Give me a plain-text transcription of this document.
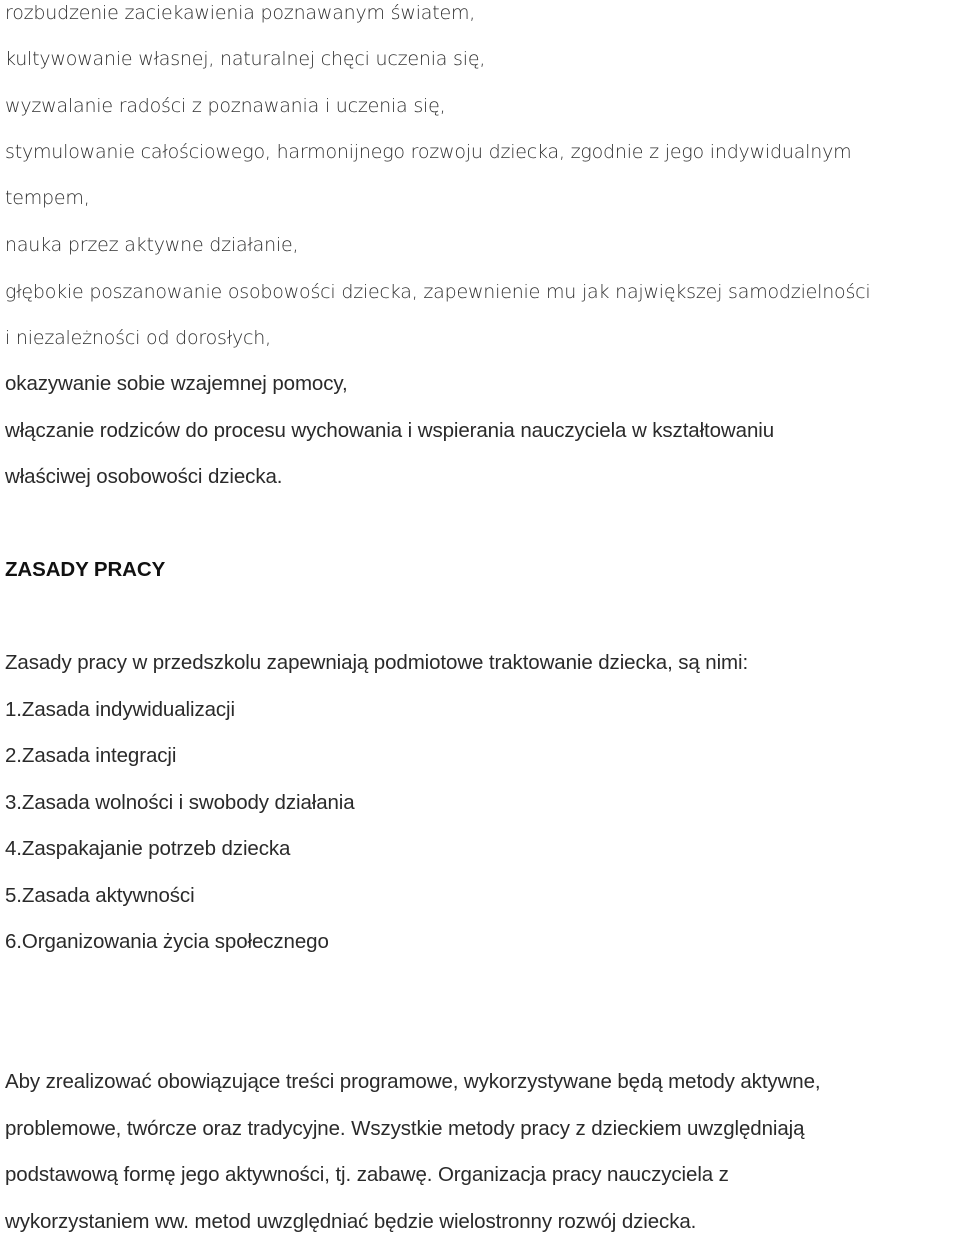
rozbudzenie zaciekawienia poznawanym światem,
kultywowanie własnej, naturalnej chęci uczenia się,
wyzwalanie radości z poznawania i uczenia się,
stymulowanie całościowego, harmonijnego rozwoju dziecka, zgodnie z jego indywidualnym
tempem,
nauka przez aktywne działanie,
głębokie poszanowanie osobowości dziecka, zapewnienie mu jak największej samodzielności
i niezależności od dorosłych,
okazywanie sobie wzajemnej pomocy,
włączanie rodziców do procesu wychowania i wspierania nauczyciela w kształtowaniu
właściwej osobowości dziecka.
ZASADY PRACY
Zasady pracy w przedszkolu zapewniają podmiotowe traktowanie dziecka, są nimi:
1.Zasada indywidualizacji
2.Zasada integracji
3.Zasada wolności i swobody działania
4.Zaspakajanie potrzeb dziecka
5.Zasada aktywności
6.Organizowania życia społecznego
Aby zrealizować obowiązujące treści programowe, wykorzystywane będą metody aktywne,
problemowe, twórcze oraz tradycyjne. Wszystkie metody pracy z dzieckiem uwzględniają
podstawową formę jego aktywności, tj. zabawę. Organizacja pracy nauczyciela z
wykorzystaniem ww. metod uwzględniać będzie wielostronny rozwój dziecka.
